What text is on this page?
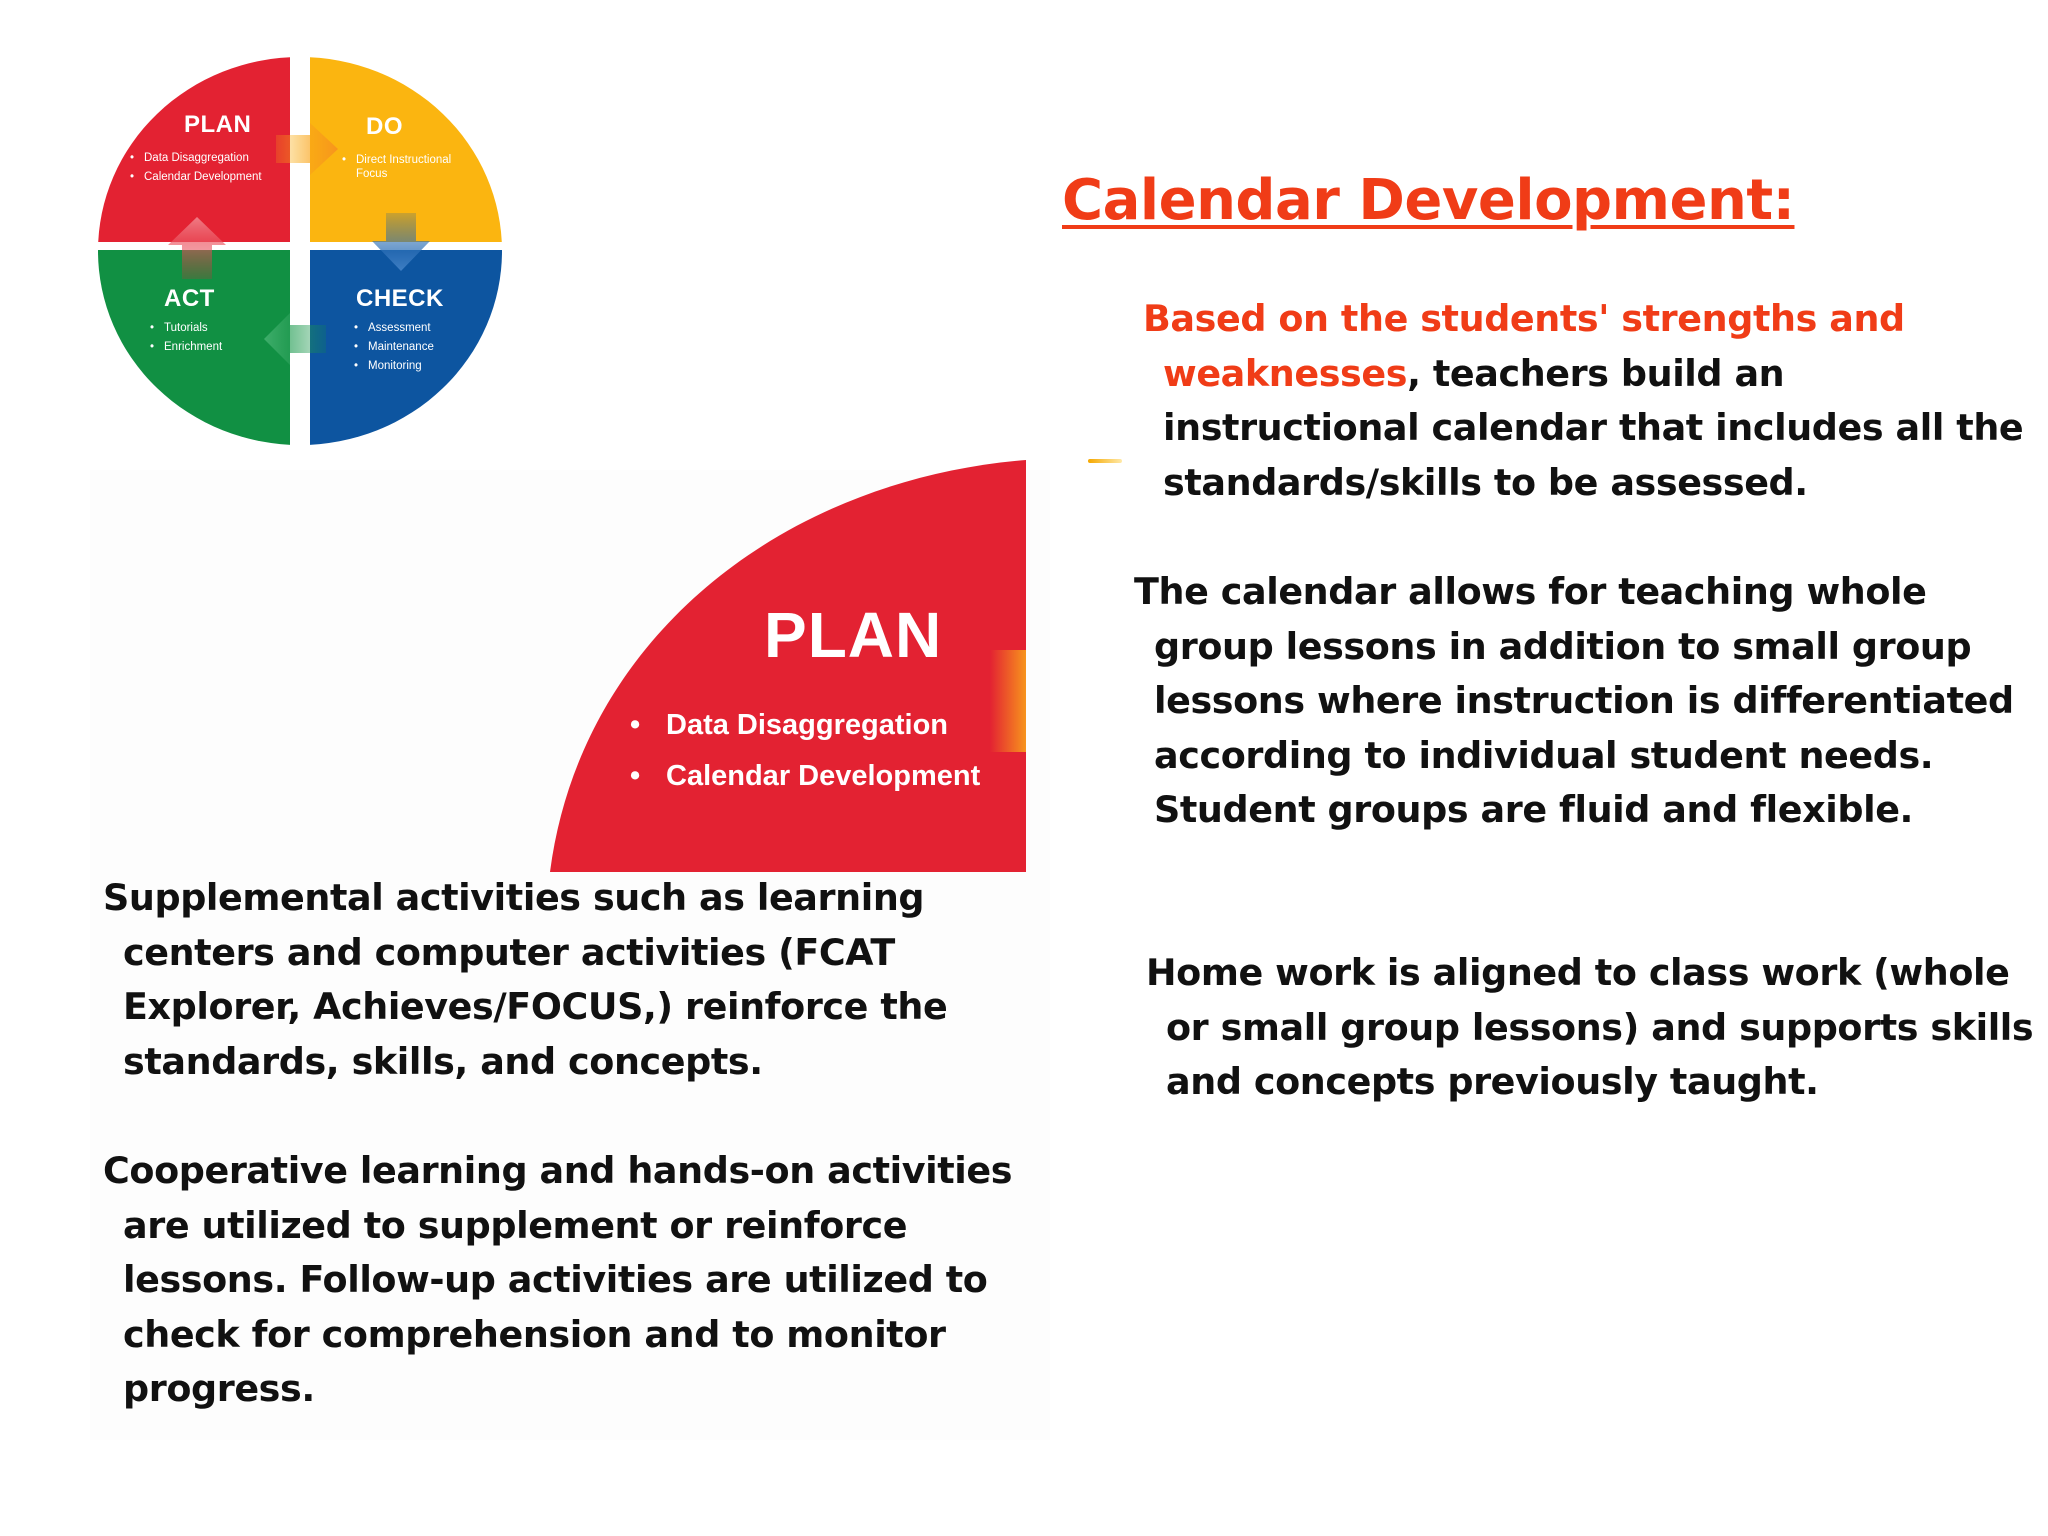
PLAN
• Data Disaggregation
• Calendar Development
DO
• Direct Instructional Focus
CHECK
• Assessment
• Maintenance
• Monitoring
ACT
• Tutorials
• Enrichment
PLAN
• Data Disaggregation
• Calendar Development
Calendar Development:

Based on the students' strengths and weaknesses, teachers build an instructional calendar that includes all the standards/skills to be assessed.

The calendar allows for teaching whole group lessons in addition to small group lessons where instruction is differentiated according to individual student needs. Student groups are fluid and flexible.

Home work is aligned to class work (whole or small group lessons) and supports skills and concepts previously taught.

Supplemental activities such as learning centers and computer activities (FCAT Explorer, Achieves/FOCUS,) reinforce the standards, skills, and concepts.

Cooperative learning and hands-on activities are utilized to supplement or reinforce lessons. Follow-up activities are utilized to check for comprehension and to monitor progress.
